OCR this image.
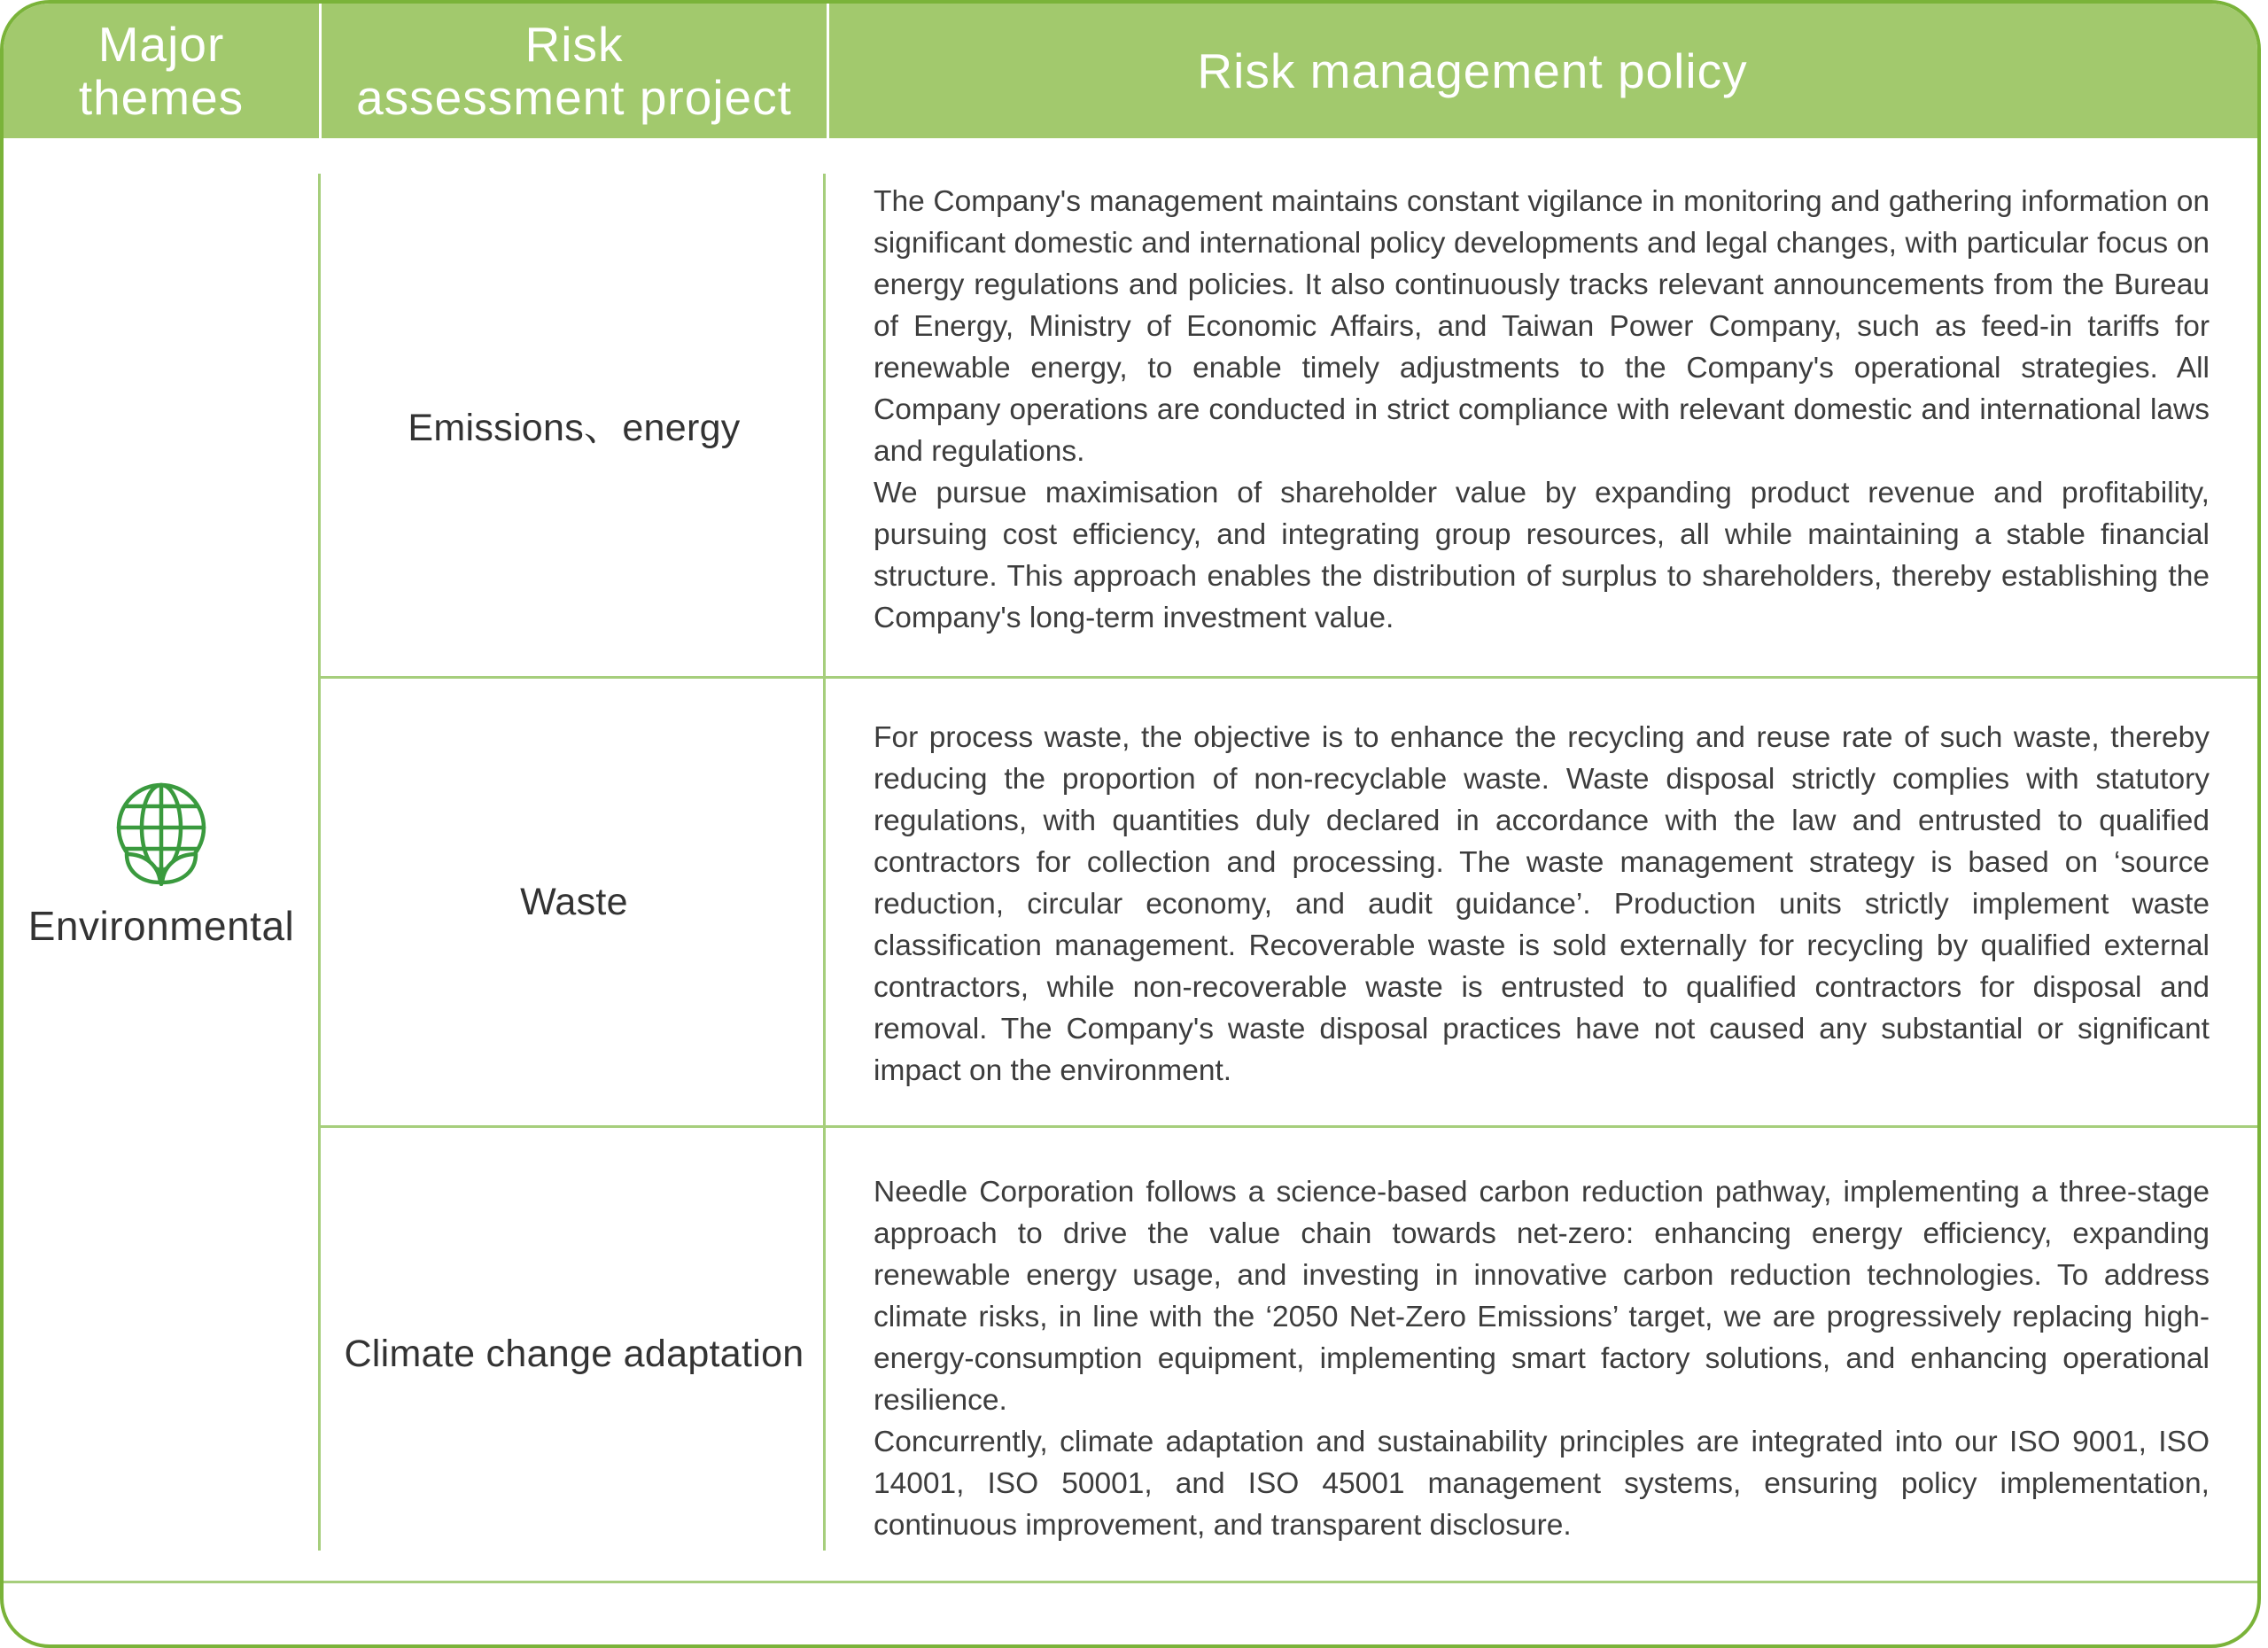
Major
themes
Risk
assessment project	Risk management policy
Environmental
Emissions、energy

The Company's management maintains constant vigilance in monitoring and gathering information on significant domestic and international policy developments and legal changes, with particular focus on energy regulations and policies. It also continuously tracks relevant announcements from the Bureau of Energy, Ministry of Economic Affairs, and Taiwan Power Company, such as feed-in tariffs for renewable energy, to enable timely adjustments to the Company's operational strategies. All Company operations are conducted in strict compliance with relevant domestic and international laws and regulations.

We pursue maximisation of shareholder value by expanding product revenue and profitability, pursuing cost efficiency, and integrating group resources, all while maintaining a stable financial structure. This approach enables the distribution of surplus to shareholders, thereby establishing the Company's long-term investment value.

Waste

For process waste, the objective is to enhance the recycling and reuse rate of such waste, thereby reducing the proportion of non-recyclable waste. Waste disposal strictly complies with statutory regulations, with quantities duly declared in accordance with the law and entrusted to qualified contractors for collection and processing. The waste management strategy is based on ‘source reduction, circular economy, and audit guidance’. Production units strictly implement waste classification management. Recoverable waste is sold externally for recycling by qualified external contractors, while non-recoverable waste is entrusted to qualified contractors for disposal and removal. The Company's waste disposal practices have not caused any substantial or significant impact on the environment.

Climate change adaptation

Needle Corporation follows a science-based carbon reduction pathway, implementing a three-stage approach to drive the value chain towards net-zero: enhancing energy efficiency, expanding renewable energy usage, and investing in innovative carbon reduction technologies. To address climate risks, in line with the ‘2050 Net-Zero Emissions’ target, we are progressively replacing high-energy-consumption equipment, implementing smart factory solutions, and enhancing operational resilience.

Concurrently, climate adaptation and sustainability principles are integrated into our ISO 9001, ISO 14001, ISO 50001, and ISO 45001 management systems, ensuring policy implementation, continuous improvement, and transparent disclosure.
